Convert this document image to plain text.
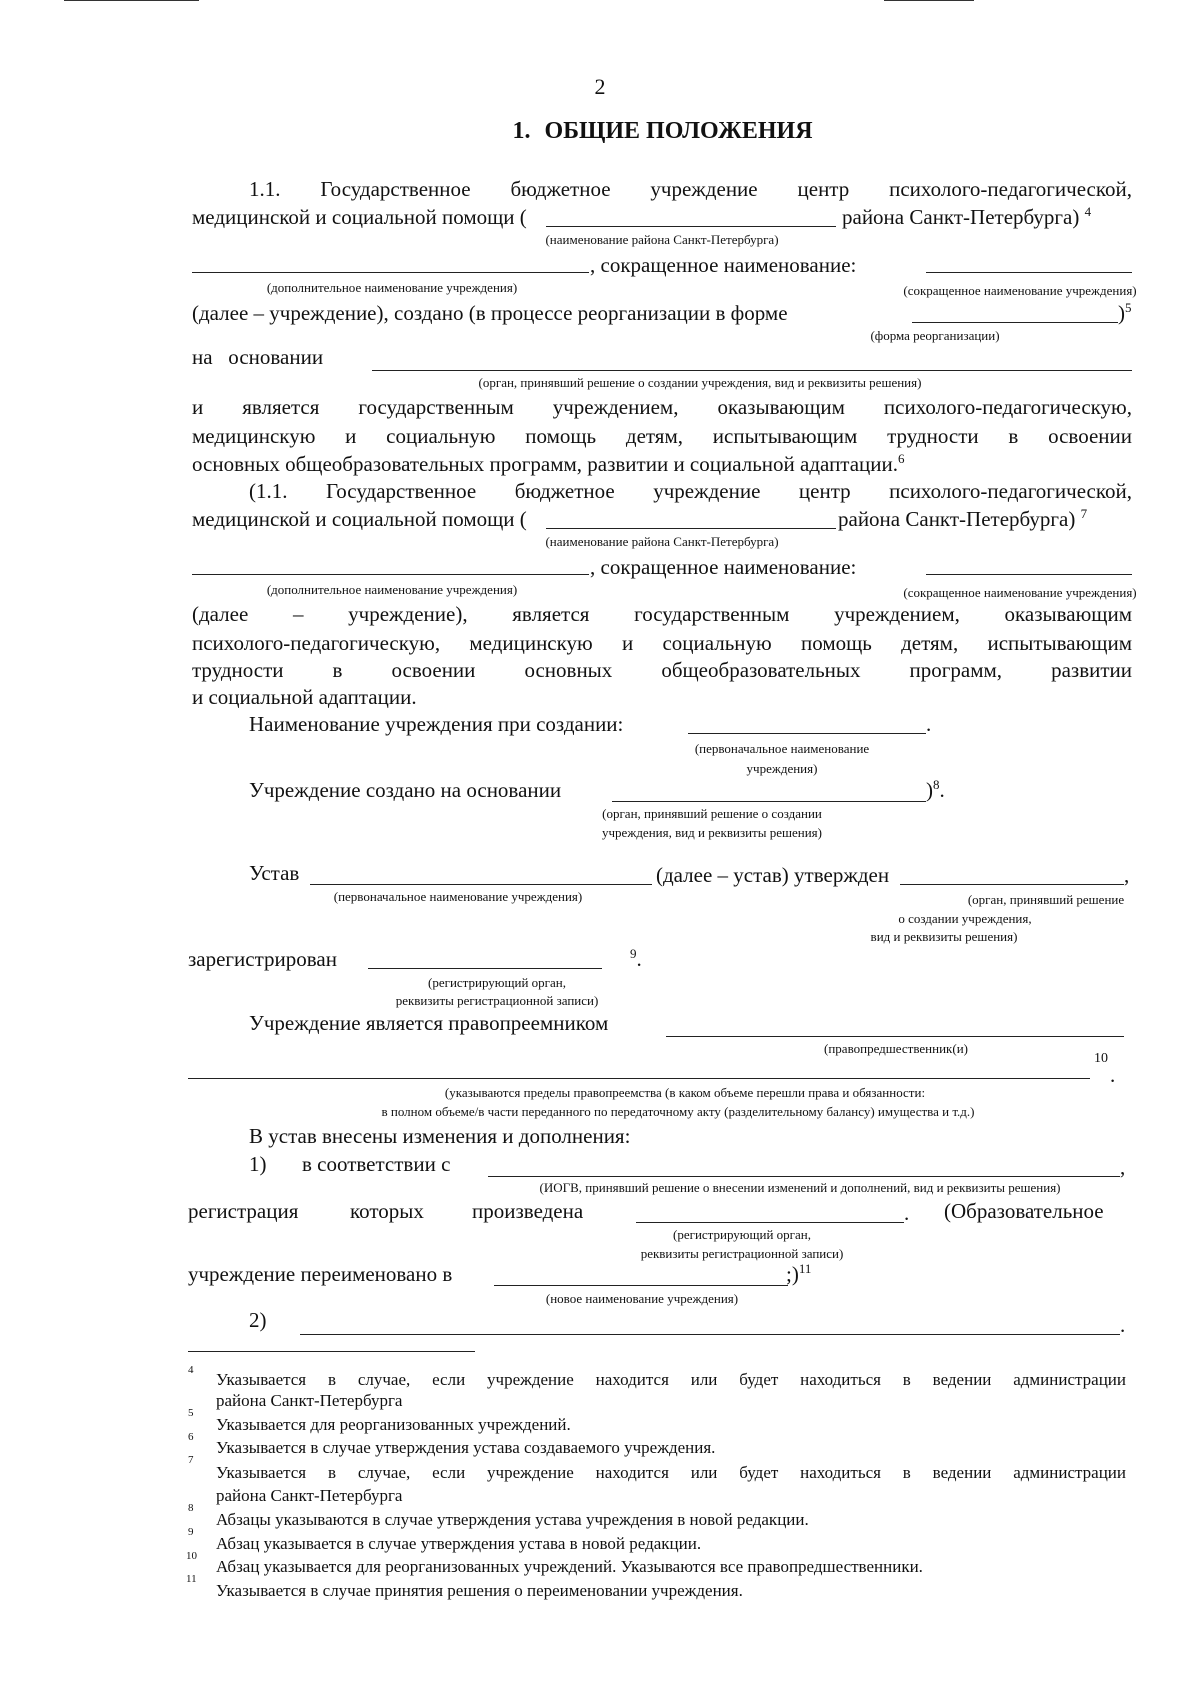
2
1. ОБЩИЕ ПОЛОЖЕНИЯ
1.1. Государственное бюджетное учреждение центр психолого-педагогической,
медицинской и социальной помощи (	района Санкт-Петербурга) $^4$
(наименование района Санкт-Петербурга)
, сокращенное наименование:
(дополнительное наименование учреждения)	(сокращенное наименование учреждения)
(далее – учреждение), создано (в процессе реорганизации в форме	)$^5$
(форма реорганизации)
на   основании
(орган, принявший решение о создании учреждения, вид и реквизиты решения)
и является государственным учреждением, оказывающим психолого-педагогическую,
медицинскую и социальную помощь детям, испытывающим трудности в освоении
основных общеобразовательных программ, развитии и социальной адаптации.$^6$
(1.1. Государственное бюджетное учреждение центр психолого-педагогической,
медицинской и социальной помощи (	района Санкт-Петербурга) $^7$
(наименование района Санкт-Петербурга)
, сокращенное наименование:
(дополнительное наименование учреждения)	(сокращенное наименование учреждения)
(далее – учреждение), является государственным учреждением, оказывающим
психолого-педагогическую, медицинскую и социальную помощь детям, испытывающим
трудности в освоении основных общеобразовательных программ, развитии
и социальной адаптации.
Наименование учреждения при создании:	.
(первоначальное наименование
учреждения)
Учреждение создано на основании	)$^8$.
(орган, принявший решение о создании
учреждения, вид и реквизиты решения)
Устав	(далее – устав) утвержден	,
(первоначальное наименование учреждения)	(орган, принявший решение
о создании учреждения,
вид и реквизиты решения)
зарегистрирован	$^9$.
(регистрирующий орган,
реквизиты регистрационной записи)
Учреждение является правопреемником
(правопредшественник(и)
10
.
(указываются пределы правопреемства (в каком объеме перешли права и обязанности:
в полном объеме/в части переданного по передаточному акту (разделительному балансу) имущества и т.д.)
В устав внесены изменения и дополнения:
1) в соответствии с	,
(ИОГВ, принявший решение о внесении изменений и дополнений, вид и реквизиты решения)
регистрация которых произведена	. (Образовательное
(регистрирующий орган,
реквизиты регистрационной записи)
учреждение переименовано в	;)$^{11}$
(новое наименование учреждения)
2)	.
4 Указывается в случае, если учреждение находится или будет находиться в ведении администрации
района Санкт-Петербурга
5
Указывается для реорганизованных учреждений.
6
Указывается в случае утверждения устава создаваемого учреждения.
7
Указывается в случае, если учреждение находится или будет находиться в ведении администрации
района Санкт-Петербурга
8
Абзацы указываются в случае утверждения устава учреждения в новой редакции.
9
Абзац указывается в случае утверждения устава в новой редакции.
10
Абзац указывается для реорганизованных учреждений. Указываются все правопредшественники.
11
Указывается в случае принятия решения о переименовании учреждения.
